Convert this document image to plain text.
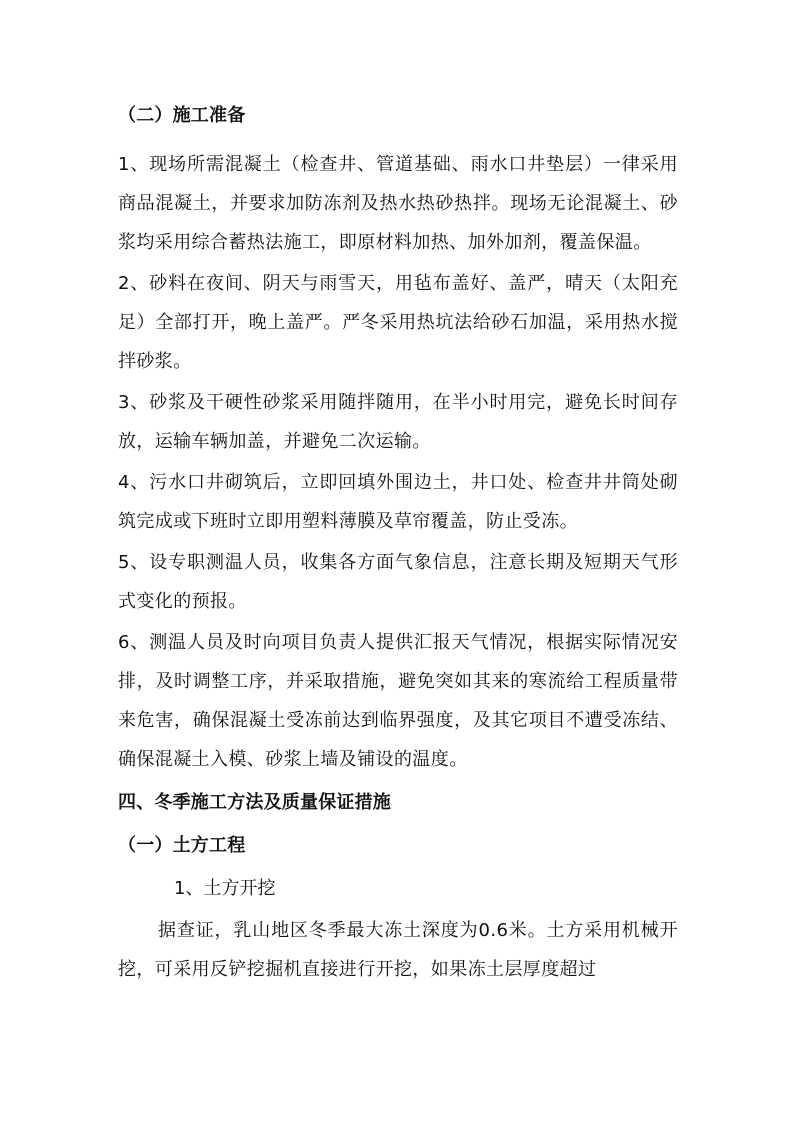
（二）施工准备

1、现场所需混凝土（检查井、管道基础、雨水口井垫层）一律采用商品混凝土，并要求加防冻剂及热水热砂热拌。现场无论混凝土、砂浆均采用综合蓄热法施工，即原材料加热、加外加剂，覆盖保温。

2、砂料在夜间、阴天与雨雪天，用毡布盖好、盖严，晴天（太阳充足）全部打开，晚上盖严。严冬采用热坑法给砂石加温，采用热水搅拌砂浆。

3、砂浆及干硬性砂浆采用随拌随用，在半小时用完，避免长时间存放，运输车辆加盖，并避免二次运输。

4、污水口井砌筑后，立即回填外围边土，井口处、检查井井筒处砌筑完成或下班时立即用塑料薄膜及草帘覆盖，防止受冻。

5、设专职测温人员，收集各方面气象信息，注意长期及短期天气形式变化的预报。

6、测温人员及时向项目负责人提供汇报天气情况，根据实际情况安排，及时调整工序，并采取措施，避免突如其来的寒流给工程质量带来危害，确保混凝土受冻前达到临界强度，及其它项目不遭受冻结、确保混凝土入模、砂浆上墙及铺设的温度。

四、冬季施工方法及质量保证措施
（一）土方工程
1、土方开挖

据查证，乳山地区冬季最大冻土深度为0.6米。土方采用机械开挖，可采用反铲挖掘机直接进行开挖，如果冻土层厚度超过
